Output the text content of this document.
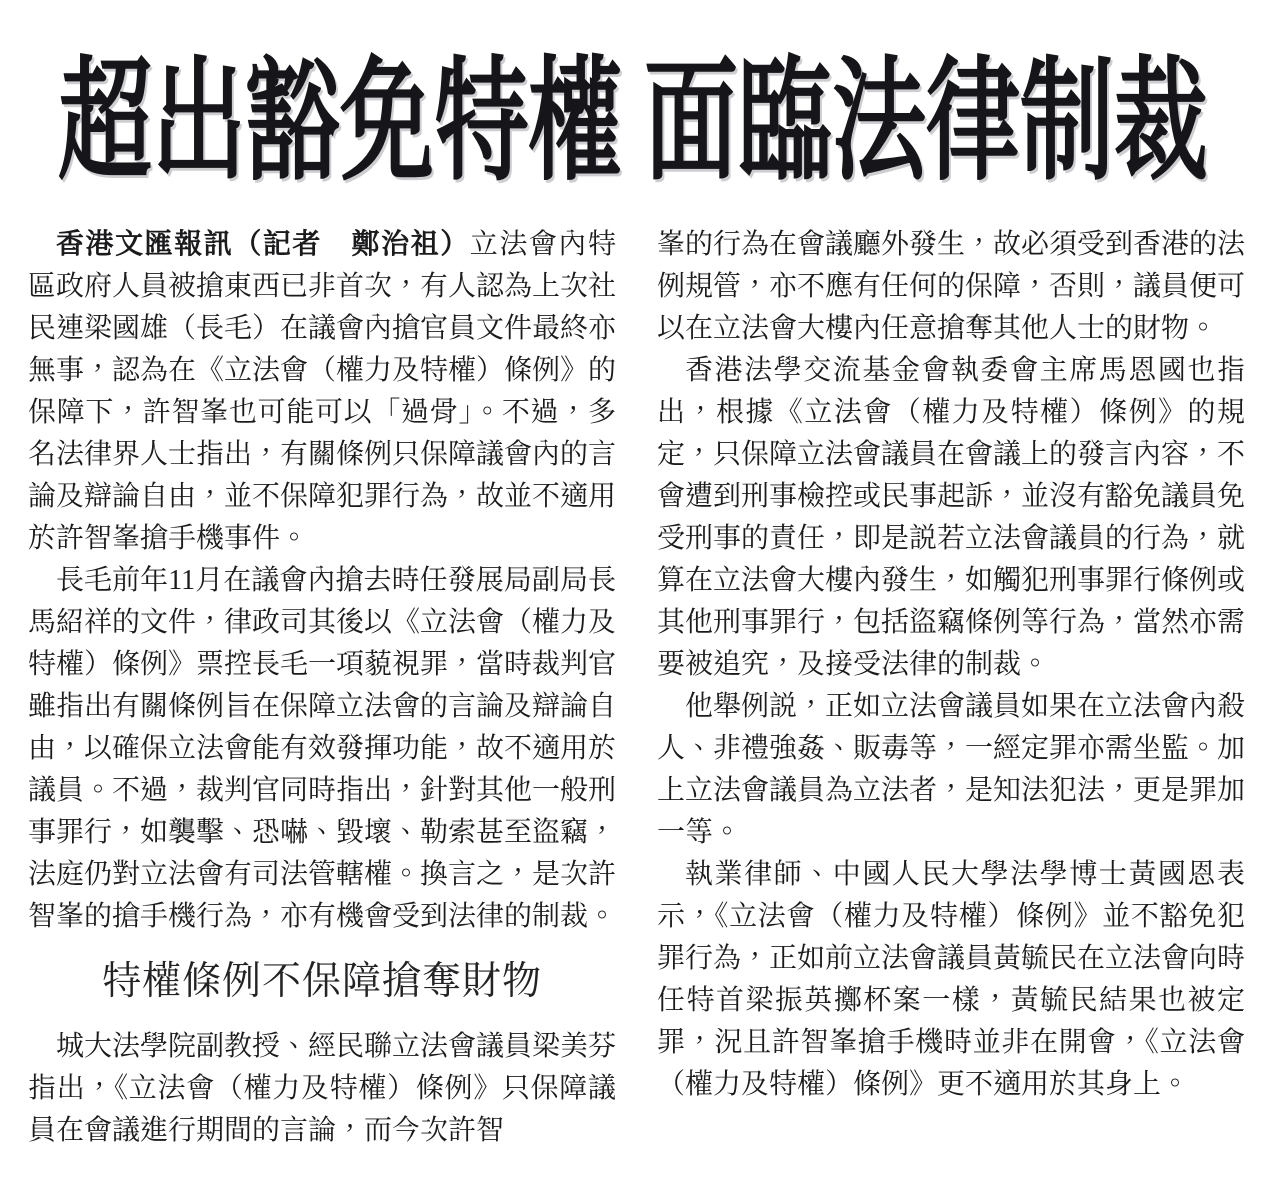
超出豁免特權 面臨法律制裁

香港文匯報訊（記者　鄭治祖）立法會內特區政府人員被搶東西已非首次，有人認為上次社民連梁國雄（長毛）在議會內搶官員文件最終亦無事，認為在《立法會（權力及特權）條例》的保障下，許智峯也可能可以「過骨」。不過，多名法律界人士指出，有關條例只保障議會內的言論及辯論自由，並不保障犯罪行為，故並不適用於許智峯搶手機事件。

長毛前年11月在議會內搶去時任發展局副局長馬紹祥的文件，律政司其後以《立法會（權力及特權）條例》票控長毛一項藐視罪，當時裁判官雖指出有關條例旨在保障立法會的言論及辯論自由，以確保立法會能有效發揮功能，故不適用於議員。不過，裁判官同時指出，針對其他一般刑事罪行，如襲擊、恐嚇、毀壞、勒索甚至盜竊，法庭仍對立法會有司法管轄權。換言之，是次許智峯的搶手機行為，亦有機會受到法律的制裁。

特權條例不保障搶奪財物

城大法學院副教授、經民聯立法會議員梁美芬指出，《立法會（權力及特權）條例》只保障議員在會議進行期間的言論，而今次許智

峯的行為在會議廳外發生，故必須受到香港的法例規管，亦不應有任何的保障，否則，議員便可以在立法會大樓內任意搶奪其他人士的財物。

香港法學交流基金會執委會主席馬恩國也指出，根據《立法會（權力及特權）條例》的規定，只保障立法會議員在會議上的發言內容，不會遭到刑事檢控或民事起訴，並沒有豁免議員免受刑事的責任，即是説若立法會議員的行為，就算在立法會大樓內發生，如觸犯刑事罪行條例或其他刑事罪行，包括盜竊條例等行為，當然亦需要被追究，及接受法律的制裁。

他舉例説，正如立法會議員如果在立法會內殺人、非禮強姦、販毒等，一經定罪亦需坐監。加上立法會議員為立法者，是知法犯法，更是罪加一等。

執業律師、中國人民大學法學博士黃國恩表示，《立法會（權力及特權）條例》並不豁免犯罪行為，正如前立法會議員黃毓民在立法會向時任特首梁振英擲杯案一樣，黃毓民結果也被定罪，況且許智峯搶手機時並非在開會，《立法會（權力及特權）條例》更不適用於其身上。
